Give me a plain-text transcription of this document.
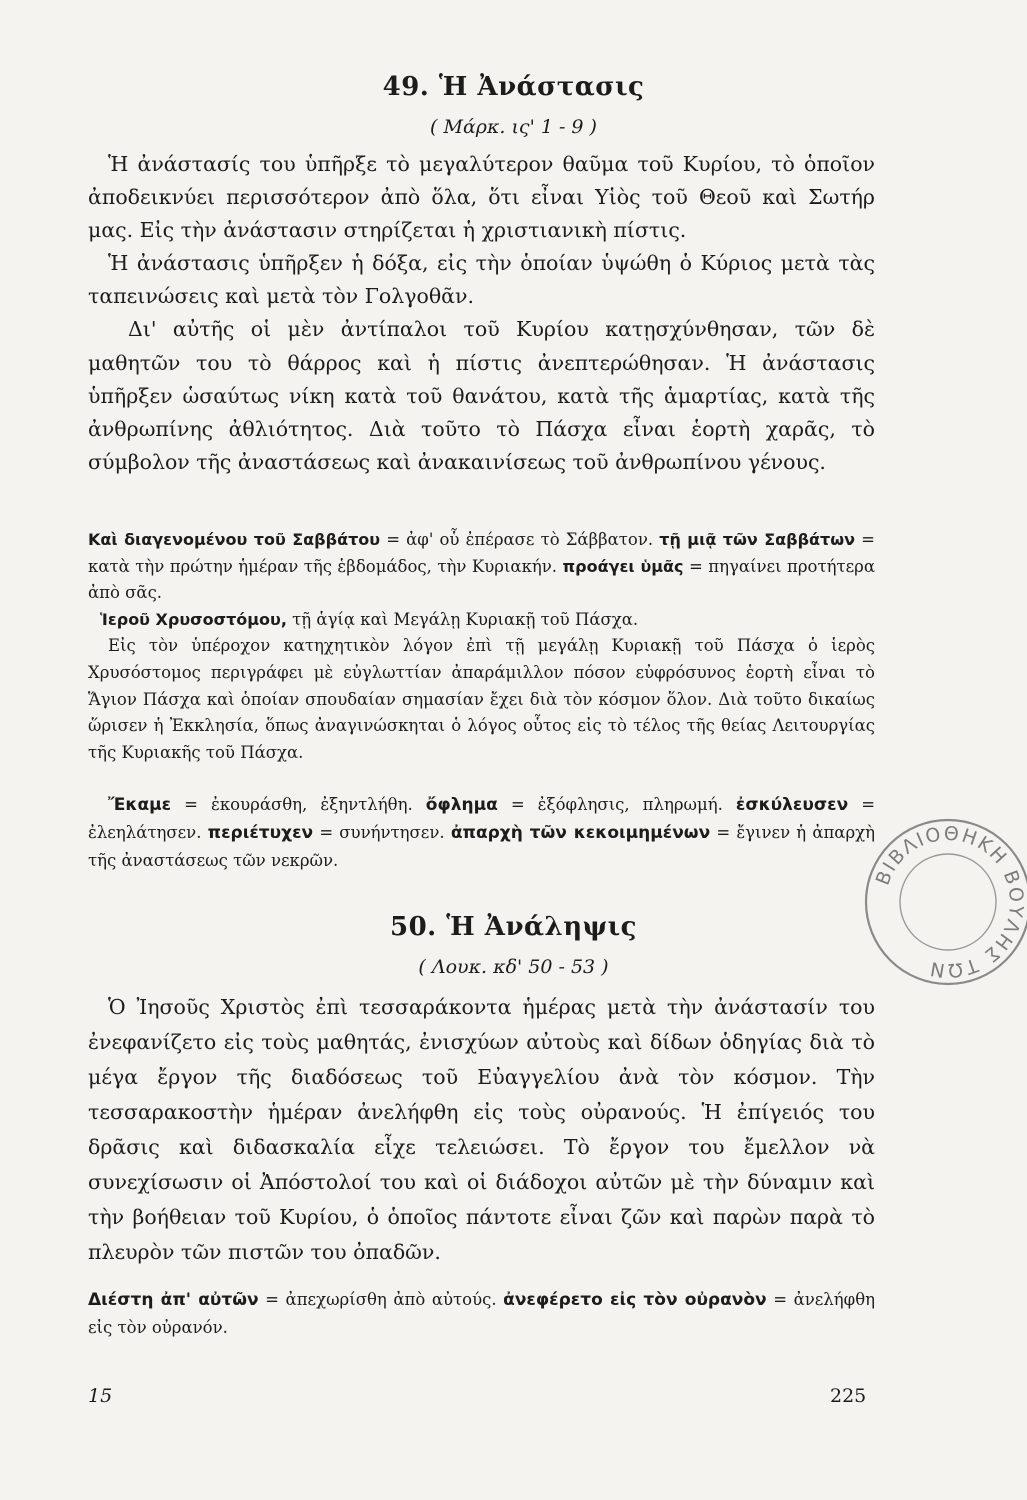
49. Ἡ Ἀνάστασις
( Μάρκ. ις' 1 - 9 )

Ἡ ἀνάστασίς του ὑπῆρξε τὸ μεγαλύτερον θαῦμα τοῦ Κυρίου, τὸ ὁποῖον ἀποδεικνύει περισσότερον ἀπὸ ὅλα, ὅτι εἶναι Υἱὸς τοῦ Θεοῦ καὶ Σωτήρ μας. Εἰς τὴν ἀνάστασιν στηρίζεται ἡ χριστιανικὴ πίστις.

Ἡ ἀνάστασις ὑπῆρξεν ἡ δόξα, εἰς τὴν ὁποίαν ὑψώθη ὁ Κύριος μετὰ τὰς ταπεινώσεις καὶ μετὰ τὸν Γολγοθᾶν.

Δι' αὐτῆς οἱ μὲν ἀντίπαλοι τοῦ Κυρίου κατῃσχύνθησαν, τῶν δὲ μαθητῶν του τὸ θάρρος καὶ ἡ πίστις ἀνεπτερώθησαν. Ἡ ἀνάστασις ὑπῆρξεν ὡσαύτως νίκη κατὰ τοῦ θανάτου, κατὰ τῆς ἁμαρτίας, κατὰ τῆς ἀνθρωπίνης ἀθλιότητος. Διὰ τοῦτο τὸ Πάσχα εἶναι ἑορτὴ χαρᾶς, τὸ σύμβολον τῆς ἀναστάσεως καὶ ἀνακαινίσεως τοῦ ἀνθρωπίνου γένους.

Καὶ διαγενομένου τοῦ Σαββάτου = ἀφ' οὗ ἐπέρασε τὸ Σάββατον. τῇ μιᾷ τῶν Σαββάτων = κατὰ τὴν πρώτην ἡμέραν τῆς ἑβδομάδος, τὴν Κυριακήν. προάγει ὑμᾶς = πηγαίνει προτήτερα ἀπὸ σᾶς.

Ἱεροῦ Χρυσοστόμου, τῇ ἁγίᾳ καὶ Μεγάλῃ Κυριακῇ τοῦ Πάσχα.

Εἰς τὸν ὑπέροχον κατηχητικὸν λόγον ἐπὶ τῇ μεγάλῃ Κυριακῇ τοῦ Πάσχα ὁ ἱερὸς Χρυσόστομος περιγράφει μὲ εὐγλωττίαν ἀπαράμιλλον πόσον εὐφρόσυνος ἑορτὴ εἶναι τὸ Ἅγιον Πάσχα καὶ ὁποίαν σπουδαίαν σημασίαν ἔχει διὰ τὸν κόσμον ὅλον. Διὰ τοῦτο δικαίως ὥρισεν ἡ Ἐκκλησία, ὅπως ἀναγινώσκηται ὁ λόγος οὗτος εἰς τὸ τέλος τῆς θείας Λειτουργίας τῆς Κυριακῆς τοῦ Πάσχα.

Ἔκαμε = ἐκουράσθη, ἐξηντλήθη. ὄφλημα = ἐξόφλησις, πληρωμή. ἐσκύλευσεν = ἐλεηλάτησεν. περιέτυχεν = συνήντησεν. ἀπαρχὴ τῶν κεκοιμημένων = ἔγινεν ἡ ἀπαρχὴ τῆς ἀναστάσεως τῶν νεκρῶν.

50. Ἡ Ἀνάληψις
( Λουκ. κδ' 50 - 53 )

Ὁ Ἰησοῦς Χριστὸς ἐπὶ τεσσαράκοντα ἡμέρας μετὰ τὴν ἀνάστασίν του ἐνεφανίζετο εἰς τοὺς μαθητάς, ἐνισχύων αὐτοὺς καὶ δίδων ὁδηγίας διὰ τὸ μέγα ἔργον τῆς διαδόσεως τοῦ Εὐαγγελίου ἀνὰ τὸν κόσμον. Τὴν τεσσαρακοστὴν ἡμέραν ἀνελήφθη εἰς τοὺς οὐρανούς. Ἡ ἐπίγειός του δρᾶσις καὶ διδασκαλία εἶχε τελειώσει. Τὸ ἔργον του ἔμελλον νὰ συνεχίσωσιν οἱ Ἀπόστολοί του καὶ οἱ διάδοχοι αὐτῶν μὲ τὴν δύναμιν καὶ τὴν βοήθειαν τοῦ Κυρίου, ὁ ὁποῖος πάντοτε εἶναι ζῶν καὶ παρὼν παρὰ τὸ πλευρὸν τῶν πιστῶν του ὀπαδῶν.

Διέστη ἀπ' αὐτῶν = ἀπεχωρίσθη ἀπὸ αὐτούς. ἀνεφέρετο εἰς τὸν οὐρανὸν = ἀνελήφθη εἰς τὸν οὐρανόν.

15	225
ΒΙΒΛΙΟΘΗΚΗ ΒΟΥΛΗΣ ΤΩΝ
